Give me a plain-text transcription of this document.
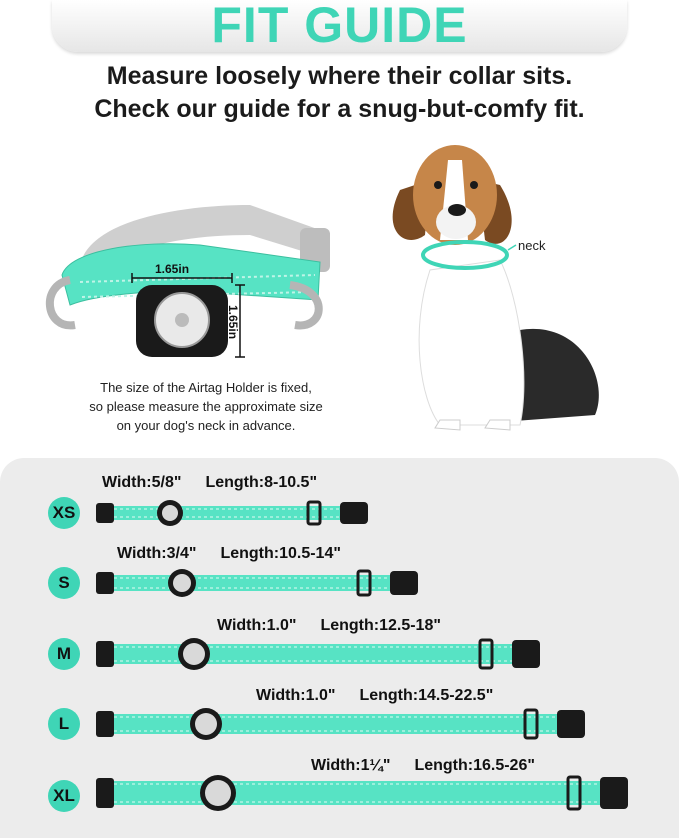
FIT GUIDE
Measure loosely where their collar sits.
Check our guide for a snug-but-comfy fit.
1.65in
1.65in
neck
The size of the Airtag Holder is fixed,
so please measure the approximate size
on your dog's neck in advance.
XS
Width:5/8" Length:8-10.5"
S
Width:3/4" Length:10.5-14"
M
Width:1.0" Length:12.5-18"
L
Width:1.0" Length:14.5-22.5"
XL
Width:1¼" Length:16.5-26"
